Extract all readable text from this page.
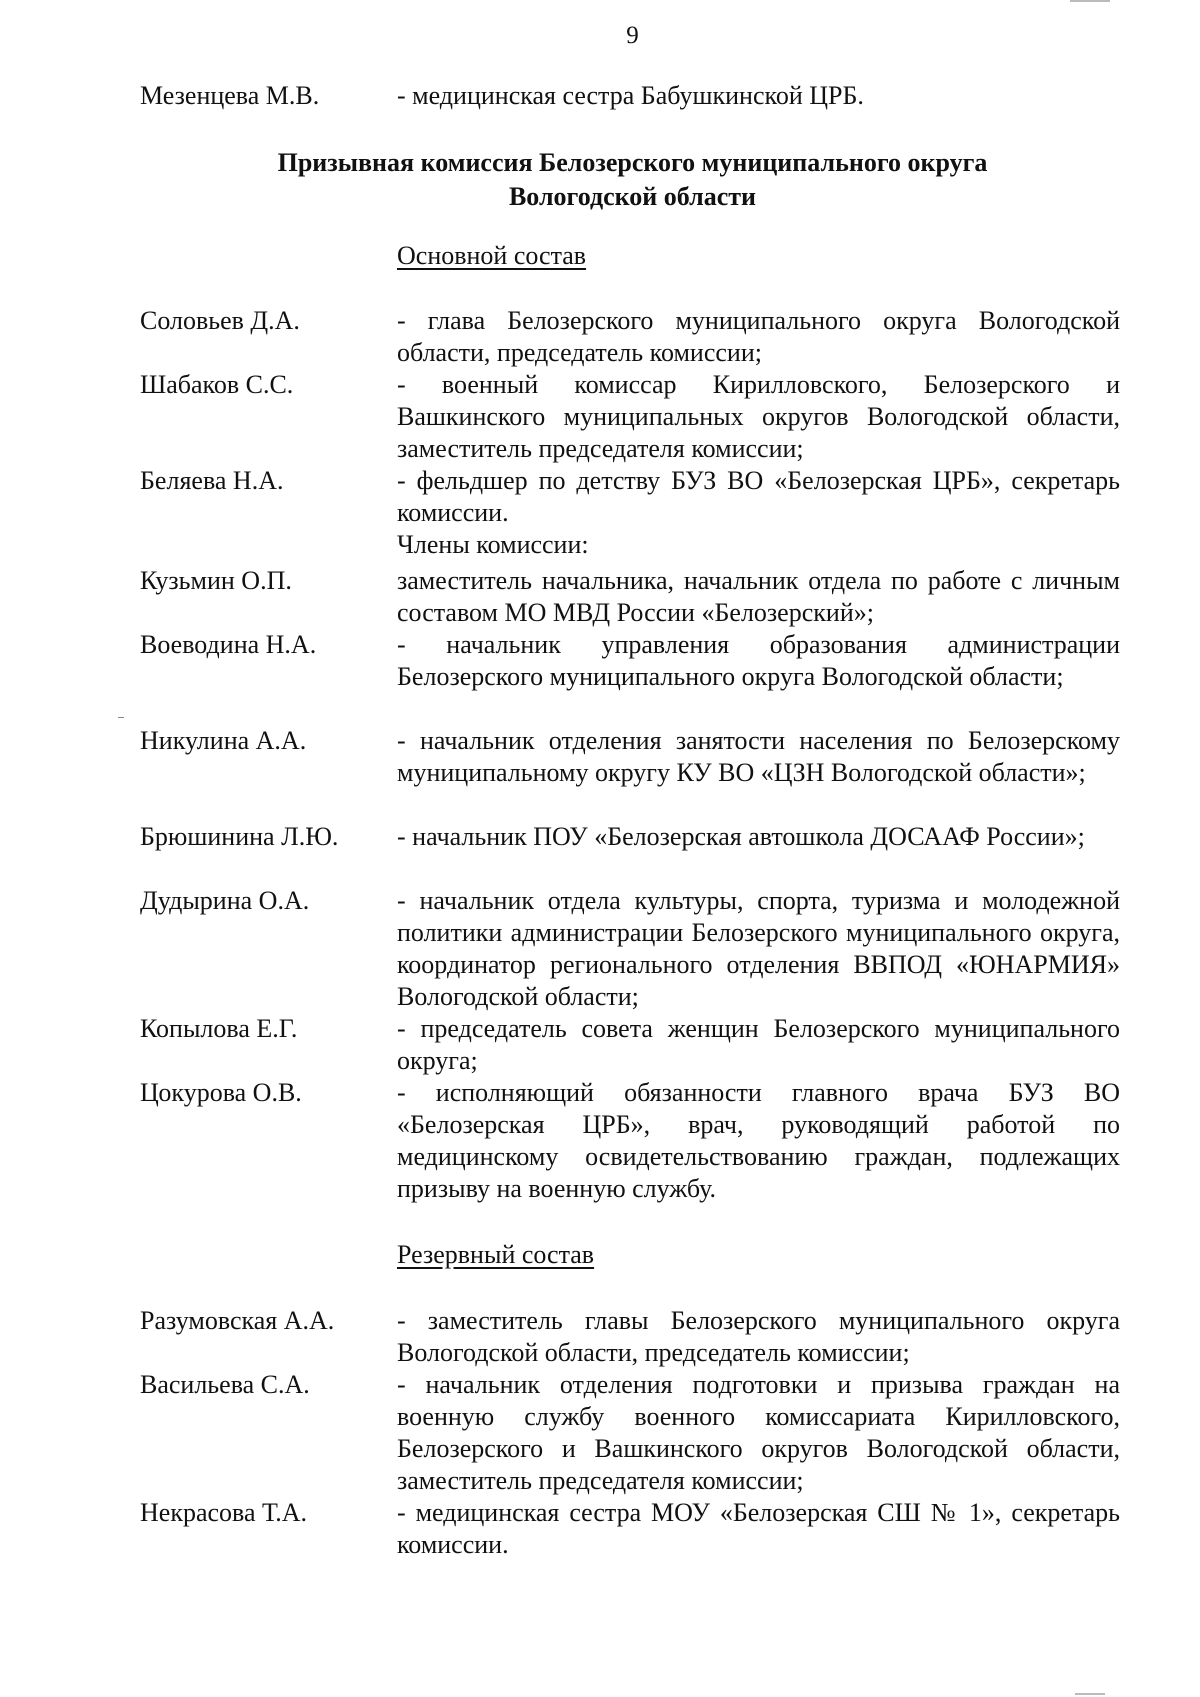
9
Мезенцева М.В.	- медицинская сестра Бабушкинской ЦРБ.
Призывная комиссия Белозерского муниципального округа
Вологодской области
Основной состав
Соловьев Д.А.	- глава Белозерского муниципального округа Вологодской области, председатель комиссии;
Шабаков С.С.	- военный комиссар Кирилловского, Белозерского и Вашкинского муниципальных округов Вологодской области, заместитель председателя комиссии;
Беляева Н.А.	- фельдшер по детству БУЗ ВО «Белозерская ЦРБ», секретарь комиссии.
Члены комиссии:
Кузьмин О.П.	заместитель начальника, начальник отдела по работе с личным составом МО МВД России «Белозерский»;
Воеводина Н.А.	- начальник управления образования администрации Белозерского муниципального округа Вологодской области;
Никулина А.А.	- начальник отделения занятости населения по Белозерскому муниципальному округу КУ ВО «ЦЗН Вологодской области»;
Брюшинина Л.Ю. - начальник ПОУ «Белозерская автошкола ДОСААФ России»;
Дудырина О.А.	- начальник отдела культуры, спорта, туризма и молодежной политики администрации Белозерского муниципального округа, координатор регионального отделения ВВПОД «ЮНАРМИЯ» Вологодской области;
Копылова Е.Г.	- председатель совета женщин Белозерского муниципального округа;
Цокурова О.В.	- исполняющий обязанности главного врача БУЗ ВО «Белозерская ЦРБ», врач, руководящий работой по медицинскому освидетельствованию граждан, подлежащих призыву на военную службу.
Резервный состав
Разумовская А.А. - заместитель главы Белозерского муниципального округа Вологодской области, председатель комиссии;
Васильева С.А.	- начальник отделения подготовки и призыва граждан на военную службу военного комиссариата Кирилловского, Белозерского и Вашкинского округов Вологодской области, заместитель председателя комиссии;
Некрасова Т.А.	- медицинская сестра МОУ «Белозерская СШ № 1», секретарь комиссии.
